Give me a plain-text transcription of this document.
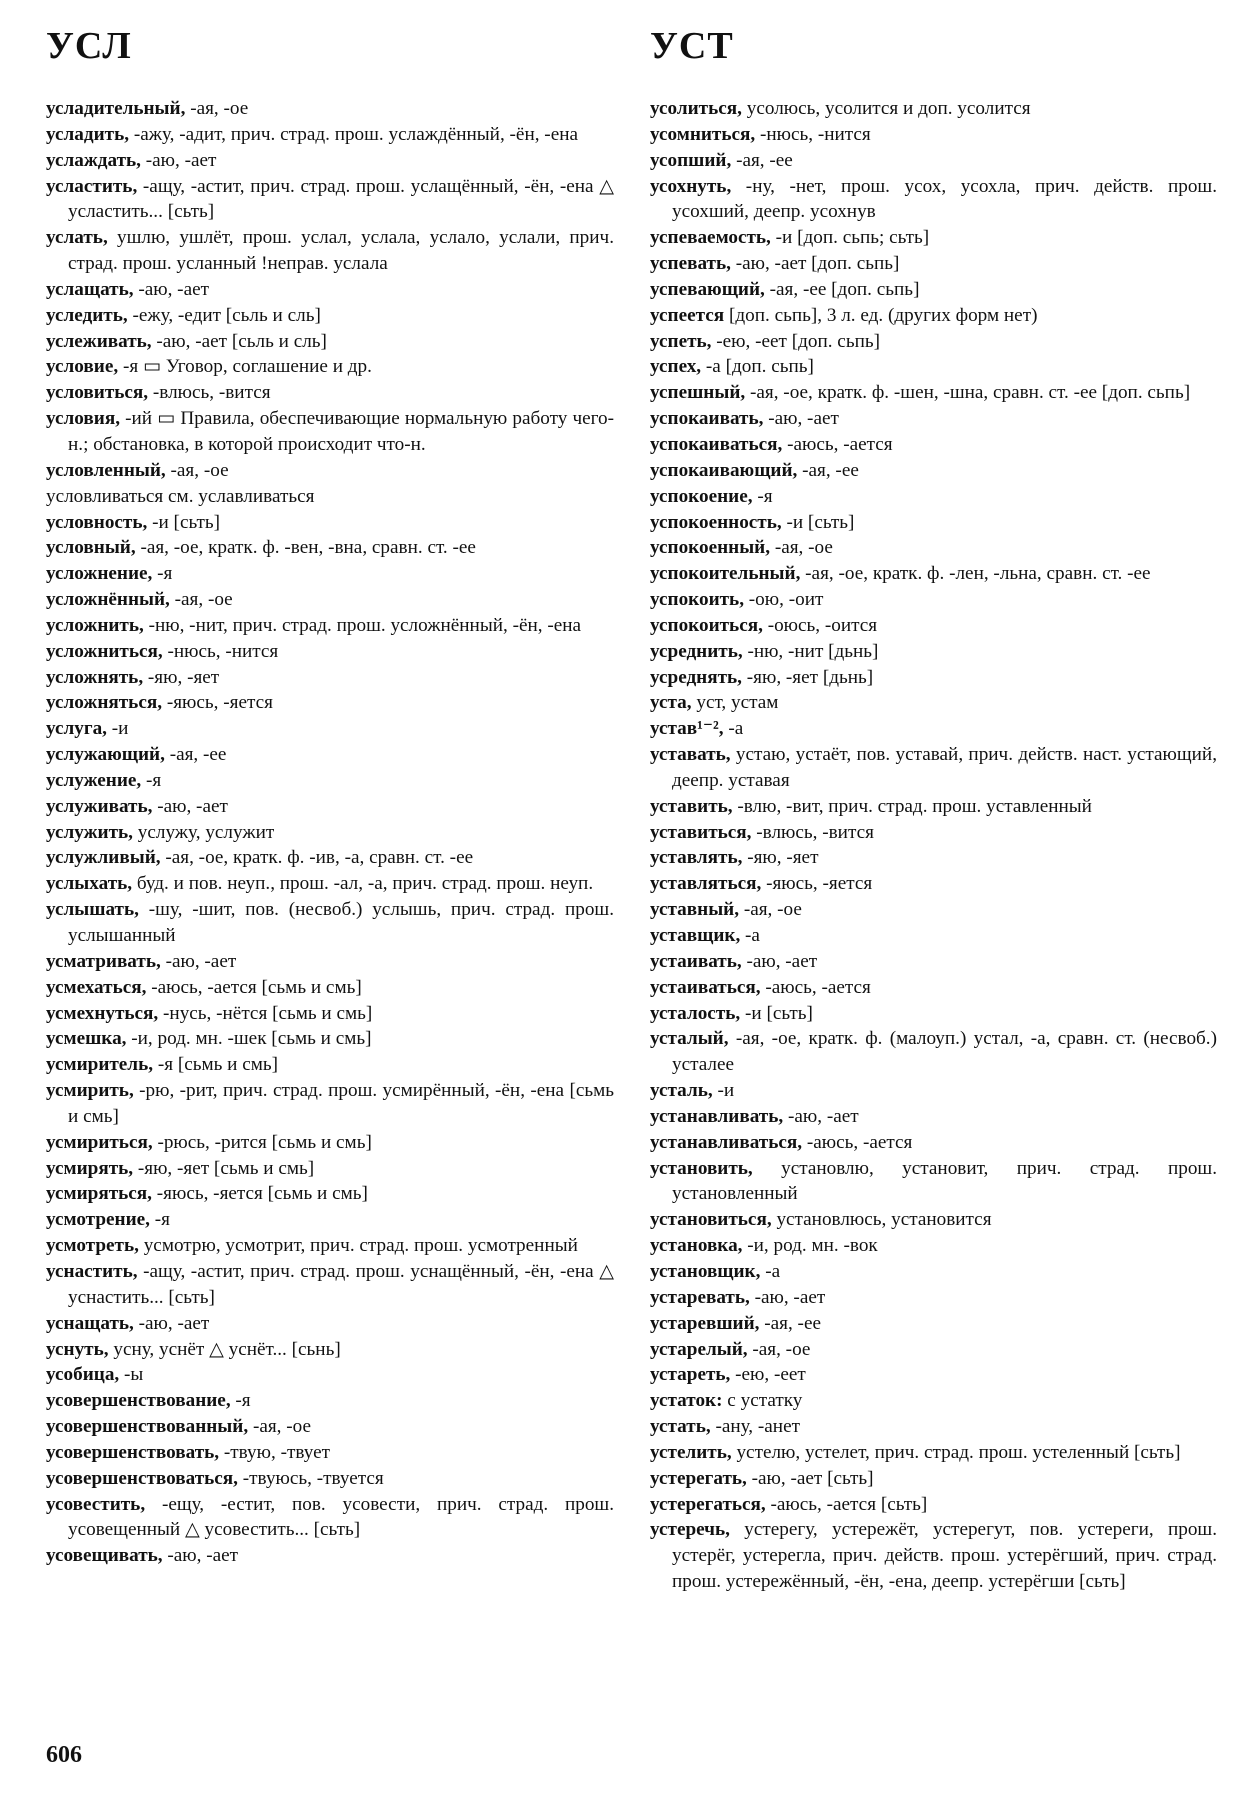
УСЛ	УСТ

усладительный, -ая, -ое

усладить, -ажу, -адит, прич. страд. прош. услаждённый, -ён, -ена

услаждать, -аю, -ает

усластить, -ащу, -астит, прич. страд. прош. услащённый, -ён, -ена △ усластить... [сьть]

услать, ушлю, ушлёт, прош. услал, услала, услало, услали, прич. страд. прош. усланный !неправ. услала

услащать, -аю, -ает

уследить, -ежу, -едит [сьль и сль]

услеживать, -аю, -ает [сьль и сль]

условие, -я ▭ Уговор, соглашение и др.

условиться, -влюсь, -вится

условия, -ий ▭ Правила, обеспечивающие нормальную работу чего-н.; обстановка, в которой происходит что-н.

условленный, -ая, -ое

условливаться см. уславливаться

условность, -и [сьть]

условный, -ая, -ое, кратк. ф. -вен, -вна, сравн. ст. -ее

усложнение, -я

усложнённый, -ая, -ое

усложнить, -ню, -нит, прич. страд. прош. усложнённый, -ён, -ена

усложниться, -нюсь, -нится

усложнять, -яю, -яет

усложняться, -яюсь, -яется

услуга, -и

услужающий, -ая, -ее

услужение, -я

услуживать, -аю, -ает

услужить, услужу, услужит

услужливый, -ая, -ое, кратк. ф. -ив, -а, сравн. ст. -ее

услыхать, буд. и пов. неуп., прош. -ал, -а, прич. страд. прош. неуп.

услышать, -шу, -шит, пов. (несвоб.) услышь, прич. страд. прош. услышанный

усматривать, -аю, -ает

усмехаться, -аюсь, -ается [сьмь и смь]

усмехнуться, -нусь, -нётся [сьмь и смь]

усмешка, -и, род. мн. -шек [сьмь и смь]

усмиритель, -я [сьмь и смь]

усмирить, -рю, -рит, прич. страд. прош. усмирённый, -ён, -ена [сьмь и смь]

усмириться, -рюсь, -рится [сьмь и смь]

усмирять, -яю, -яет [сьмь и смь]

усмиряться, -яюсь, -яется [сьмь и смь]

усмотрение, -я

усмотреть, усмотрю, усмотрит, прич. страд. прош. усмотренный

уснастить, -ащу, -астит, прич. страд. прош. уснащённый, -ён, -ена △ уснастить... [сьть]

уснащать, -аю, -ает

уснуть, усну, уснёт △ уснёт... [сьнь]

усобица, -ы

усовершенствование, -я

усовершенствованный, -ая, -ое

усовершенствовать, -твую, -твует

усовершенствоваться, -твуюсь, -твуется

усовестить, -ещу, -естит, пов. усовести, прич. страд. прош. усовещенный △ усовестить... [сьть]

усовещивать, -аю, -ает

усолиться, усолюсь, усолится и доп. усолится

усомниться, -нюсь, -нится

усопший, -ая, -ее

усохнуть, -ну, -нет, прош. усох, усохла, прич. действ. прош. усохший, деепр. усохнув

успеваемость, -и [доп. сьпь; сьть]

успевать, -аю, -ает [доп. сьпь]

успевающий, -ая, -ее [доп. сьпь]

успеется [доп. сьпь], 3 л. ед. (других форм нет)

успеть, -ею, -еет [доп. сьпь]

успех, -а [доп. сьпь]

успешный, -ая, -ое, кратк. ф. -шен, -шна, сравн. ст. -ее [доп. сьпь]

успокаивать, -аю, -ает

успокаиваться, -аюсь, -ается

успокаивающий, -ая, -ее

успокоение, -я

успокоенность, -и [сьть]

успокоенный, -ая, -ое

успокоительный, -ая, -ое, кратк. ф. -лен, -льна, сравн. ст. -ее

успокоить, -ою, -оит

успокоиться, -оюсь, -оится

усреднить, -ню, -нит [дьнь]

усреднять, -яю, -яет [дьнь]

уста, уст, устам

устав¹⁻², -а

уставать, устаю, устаёт, пов. уставай, прич. действ. наст. устающий, деепр. уставая

уставить, -влю, -вит, прич. страд. прош. уставленный

уставиться, -влюсь, -вится

уставлять, -яю, -яет

уставляться, -яюсь, -яется

уставный, -ая, -ое

уставщик, -а

устаивать, -аю, -ает

устаиваться, -аюсь, -ается

усталость, -и [сьть]

усталый, -ая, -ое, кратк. ф. (малоуп.) устал, -а, сравн. ст. (несвоб.) усталее

усталь, -и

устанавливать, -аю, -ает

устанавливаться, -аюсь, -ается

установить, установлю, установит, прич. страд. прош. установленный

установиться, установлюсь, установится

установка, -и, род. мн. -вок

установщик, -а

устаревать, -аю, -ает

устаревший, -ая, -ее

устарелый, -ая, -ое

устареть, -ею, -еет

устаток: с устатку

устать, -ану, -анет

устелить, устелю, устелет, прич. страд. прош. устеленный [сьть]

устерегать, -аю, -ает [сьть]

устерегаться, -аюсь, -ается [сьть]

устеречь, устерегу, устережёт, устерегут, пов. устереги, прош. устерёг, устерегла, прич. действ. прош. устерёгший, прич. страд. прош. устережённый, -ён, -ена, деепр. устерёгши [сьть]

606
